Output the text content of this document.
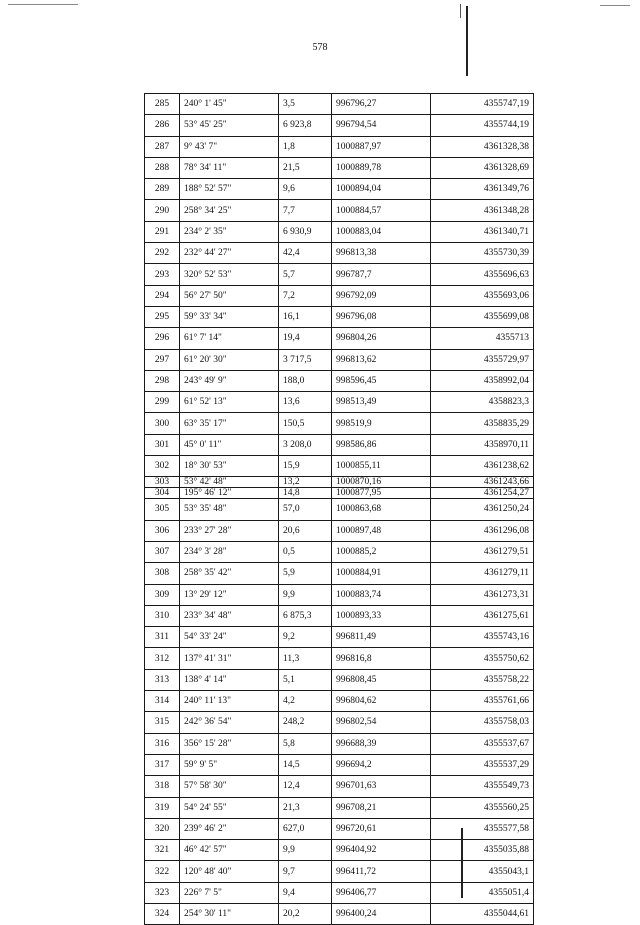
578
285	240° 1' 45"	3,5	996796,27	4355747,19
286	53° 45' 25"	6 923,8	996794,54	4355744,19
287	9° 43' 7"	1,8	1000887,97	4361328,38
288	78° 34' 11"	21,5	1000889,78	4361328,69
289	188° 52' 57"	9,6	1000894,04	4361349,76
290	258° 34' 25"	7,7	1000884,57	4361348,28
291	234° 2' 35"	6 930,9	1000883,04	4361340,71
292	232° 44' 27"	42,4	996813,38	4355730,39
293	320° 52' 53"	5,7	996787,7	4355696,63
294	56° 27' 50"	7,2	996792,09	4355693,06
295	59° 33' 34"	16,1	996796,08	4355699,08
296	61° 7' 14"	19,4	996804,26	4355713
297	61° 20' 30"	3 717,5	996813,62	4355729,97
298	243° 49' 9"	188,0	998596,45	4358992,04
299	61° 52' 13"	13,6	998513,49	4358823,3
300	63° 35' 17"	150,5	998519,9	4358835,29
301	45° 0' 11"	3 208,0	998586,86	4358970,11
302	18° 30' 53"	15,9	1000855,11	4361238,62
303	53° 42' 48"	13,2	1000870,16	4361243,66
304	195° 46' 12"	14,8	1000877,95	4361254,27
305	53° 35' 48"	57,0	1000863,68	4361250,24
306	233° 27' 28"	20,6	1000897,48	4361296,08
307	234° 3' 28"	0,5	1000885,2	4361279,51
308	258° 35' 42"	5,9	1000884,91	4361279,11
309	13° 29' 12"	9,9	1000883,74	4361273,31
310	233° 34' 48"	6 875,3	1000893,33	4361275,61
311	54° 33' 24"	9,2	996811,49	4355743,16
312	137° 41' 31"	11,3	996816,8	4355750,62
313	138° 4' 14"	5,1	996808,45	4355758,22
314	240° 11' 13"	4,2	996804,62	4355761,66
315	242° 36' 54"	248,2	996802,54	4355758,03
316	356° 15' 28"	5,8	996688,39	4355537,67
317	59° 9' 5"	14,5	996694,2	4355537,29
318	57° 58' 30"	12,4	996701,63	4355549,73
319	54° 24' 55"	21,3	996708,21	4355560,25
320	239° 46' 2"	627,0	996720,61	4355577,58
321	46° 42' 57"	9,9	996404,92	4355035,88
322	120° 48' 40"	9,7	996411,72	4355043,1
323	226° 7' 5"	9,4	996406,77	4355051,4
324	254° 30' 11"	20,2	996400,24	4355044,61
